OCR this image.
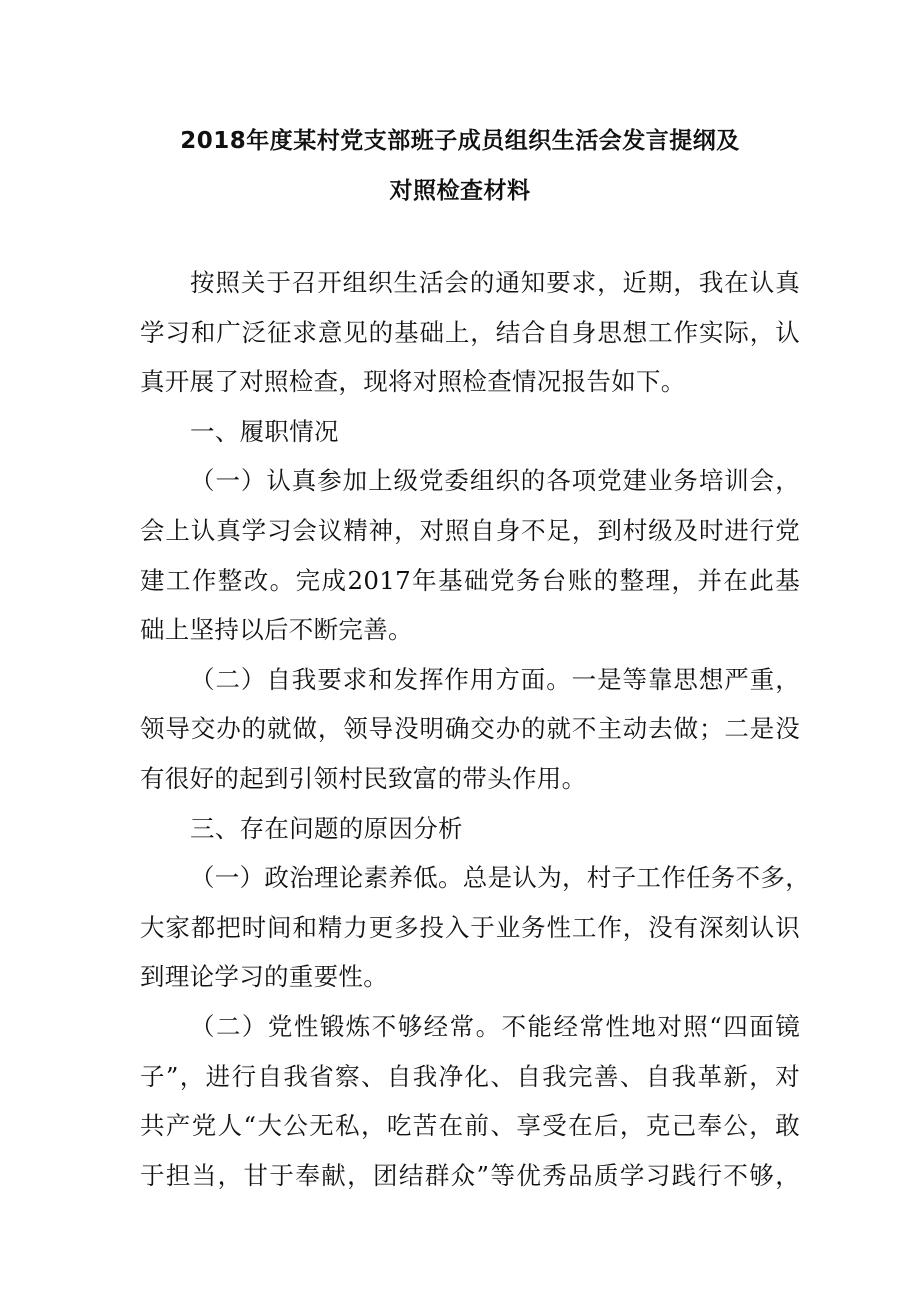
2018年度某村党支部班子成员组织生活会发言提纲及
对照检查材料
按照关于召开组织生活会的通知要求，近期，我在认真
学习和广泛征求意见的基础上，结合自身思想工作实际，认
真开展了对照检查，现将对照检查情况报告如下。
一、履职情况
（一）认真参加上级党委组织的各项党建业务培训会，
会上认真学习会议精神，对照自身不足，到村级及时进行党
建工作整改。完成2017年基础党务台账的整理，并在此基
础上坚持以后不断完善。
（二）自我要求和发挥作用方面。一是等靠思想严重，
领导交办的就做，领导没明确交办的就不主动去做；二是没
有很好的起到引领村民致富的带头作用。
三、存在问题的原因分析
（一）政治理论素养低。总是认为，村子工作任务不多，
大家都把时间和精力更多投入于业务性工作，没有深刻认识
到理论学习的重要性。
（二）党性锻炼不够经常。不能经常性地对照“四面镜
子”，进行自我省察、自我净化、自我完善、自我革新，对
共产党人“大公无私，吃苦在前、享受在后，克己奉公，敢
于担当，甘于奉献，团结群众”等优秀品质学习践行不够，
